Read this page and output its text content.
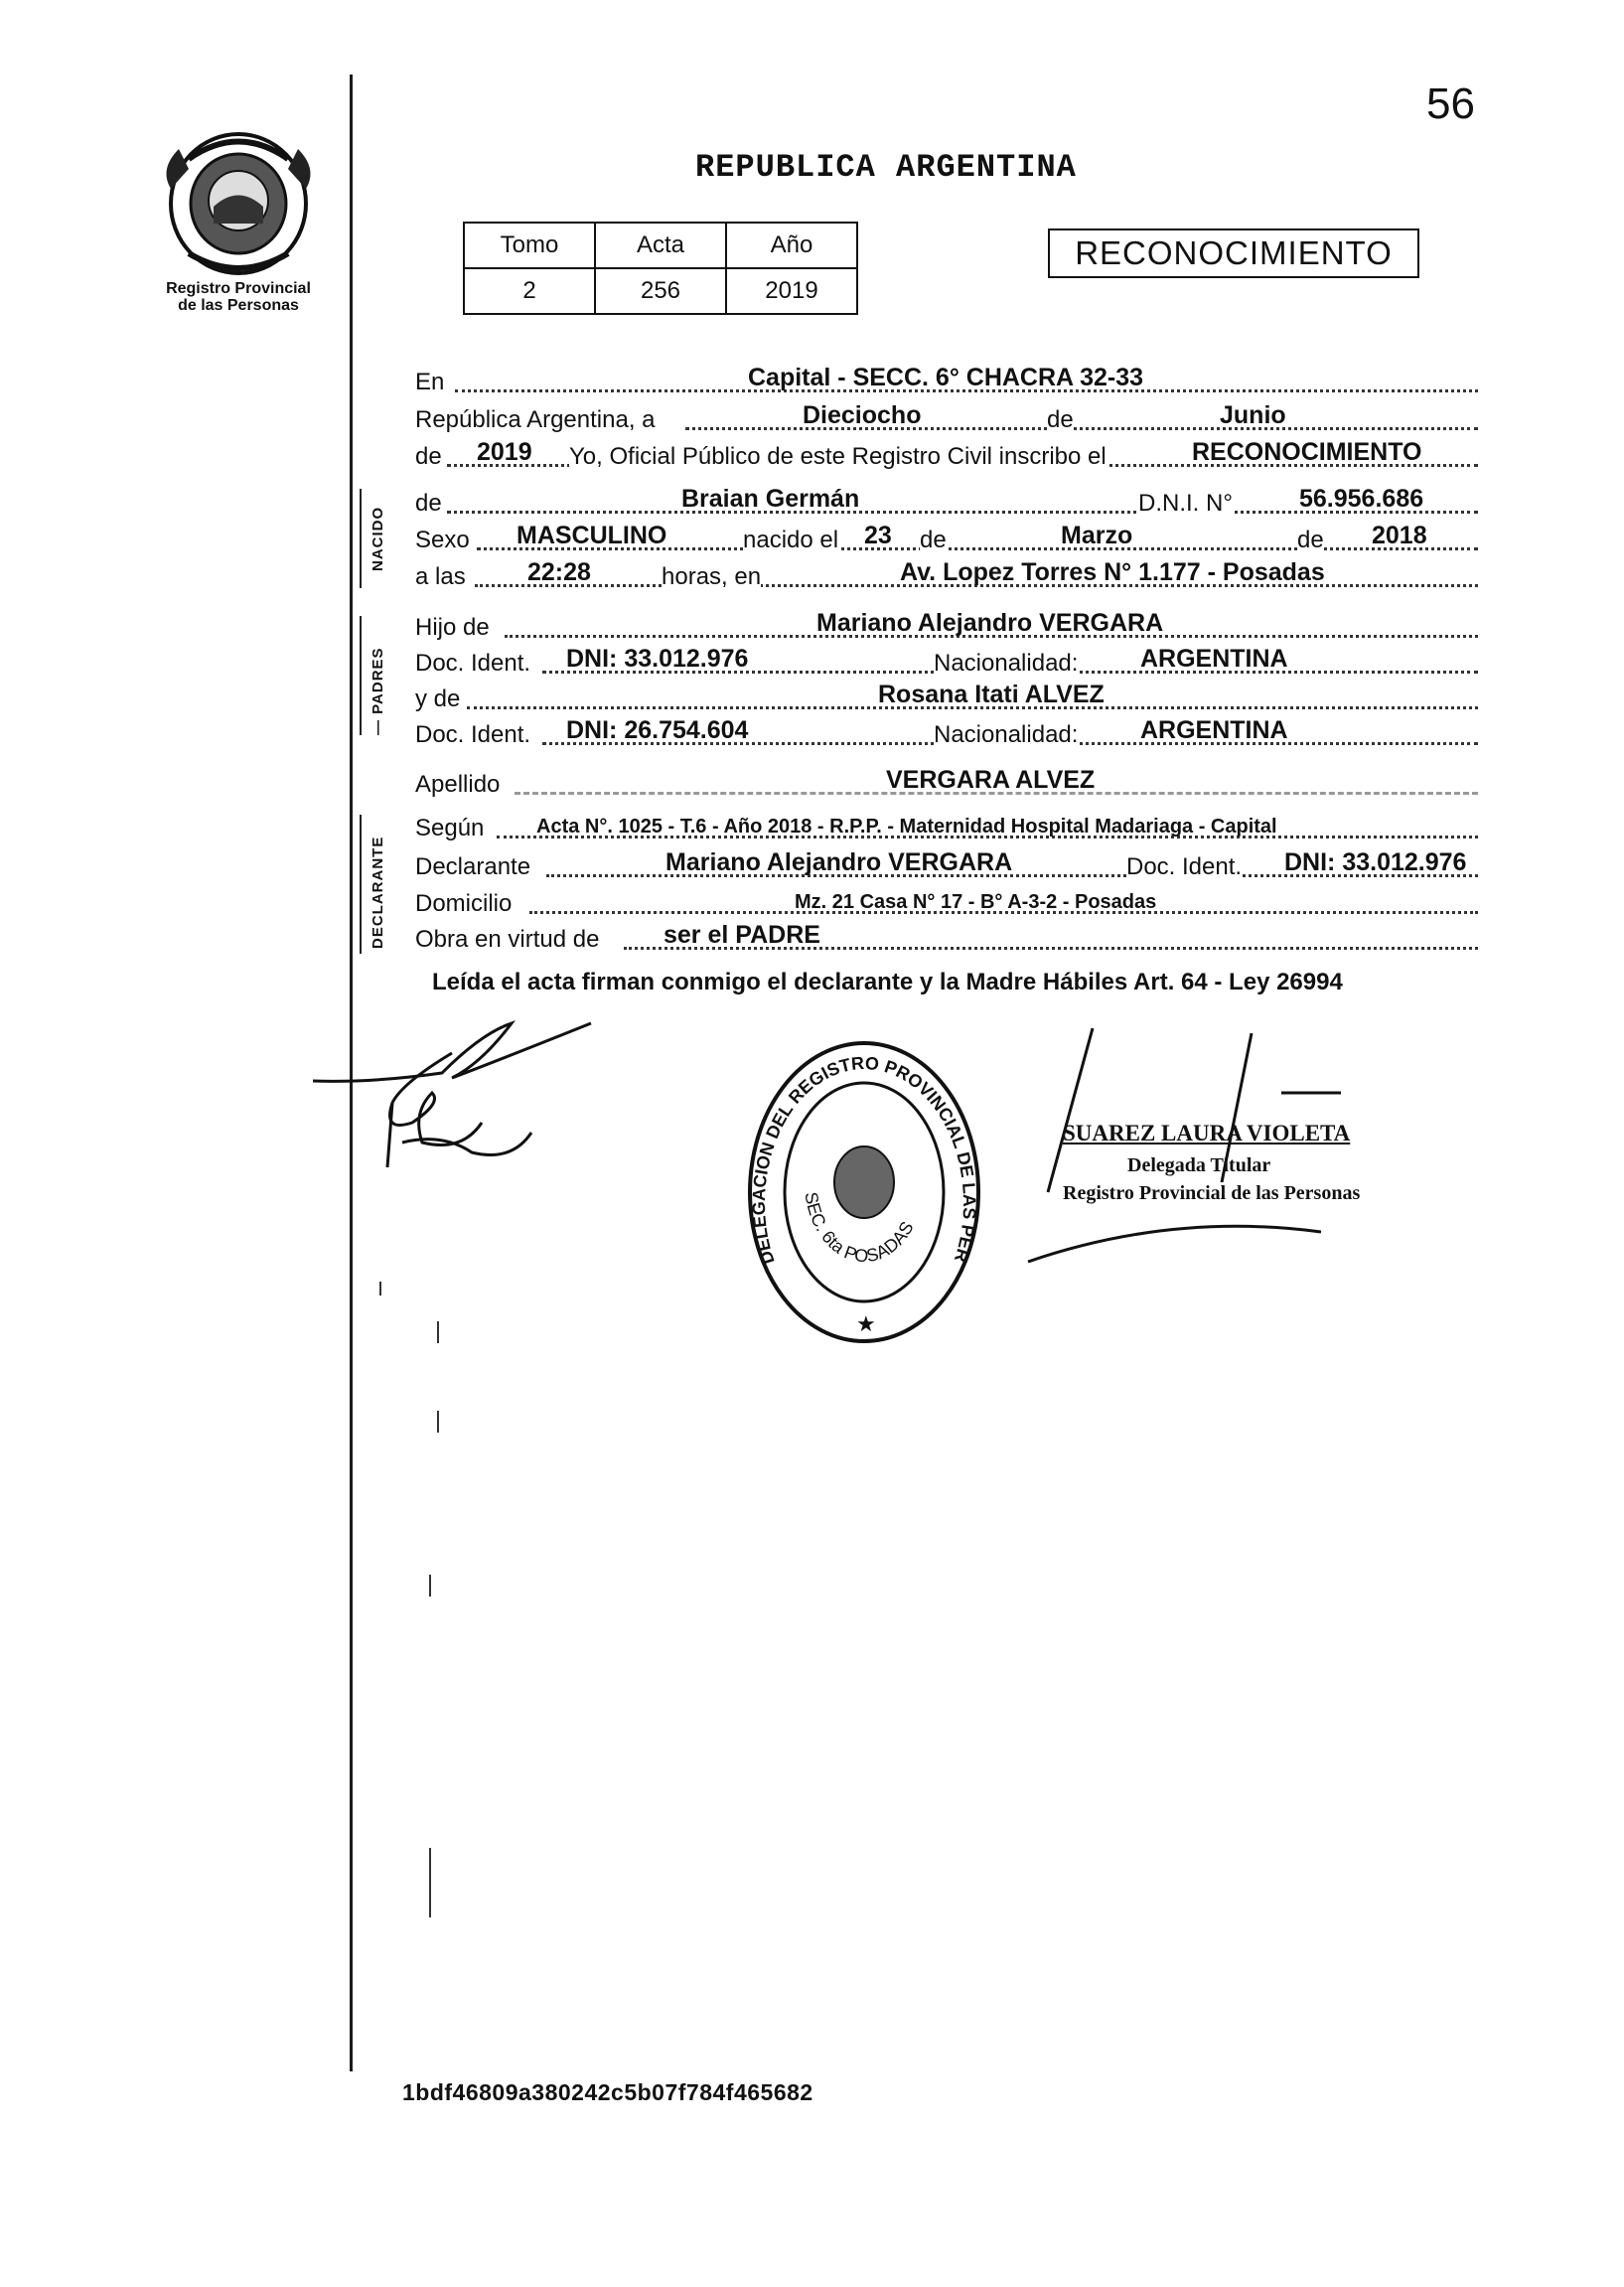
56
Registro Provincial
de las Personas
REPUBLICA ARGENTINA
Tomo	Acta	Año
2	256	2019
RECONOCIMIENTO
NACIDO
— PADRES
DECLARANTE
En	Capital - SECC. 6° CHACRA 32-33
República Argentina, a	Dieciocho	de	Junio
de 2019 Yo, Oficial Público de este Registro Civil inscribo el	RECONOCIMIENTO
de	Braian Germán	D.N.I. N°	56.956.686
Sexo MASCULINO	nacido el 23 de	Marzo	de 2018
a las 22:28	horas, en	Av. Lopez Torres N° 1.177 - Posadas
Hijo de	Mariano Alejandro VERGARA
Doc. Ident. DNI: 33.012.976	Nacionalidad:	ARGENTINA
y de	Rosana Itati ALVEZ
Doc. Ident. DNI: 26.754.604	Nacionalidad:	ARGENTINA
Apellido	VERGARA ALVEZ
Según	Acta N°. 1025 - T.6 - Año 2018 - R.P.P. - Maternidad Hospital Madariaga - Capital
Declarante	Mariano Alejandro VERGARA	Doc. Ident. DNI: 33.012.976
Domicilio	Mz. 21 Casa N° 17 - B° A-3-2 - Posadas
Obra en virtud de	ser el PADRE
Leída el acta firman conmigo el declarante y la Madre Hábiles Art. 64 - Ley 26994
DELEGACION DEL REGISTRO PROVINCIAL DE LAS PER
SEC. 6ta POSADAS
★
SUAREZ LAURA VIOLETA
Delegada Titular
Registro Provincial de las Personas
1bdf46809a380242c5b07f784f465682
